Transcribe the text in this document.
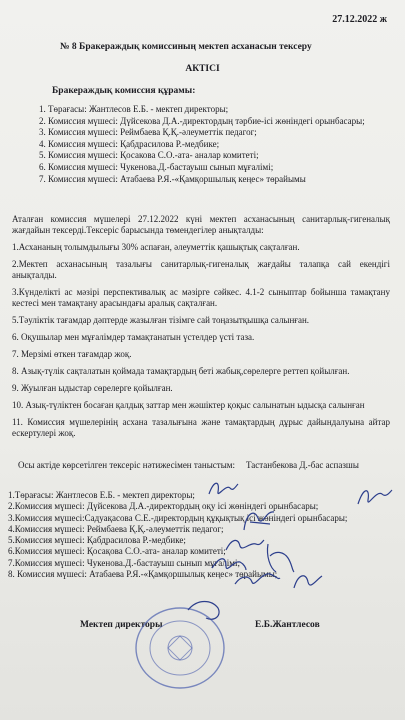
27.12.2022 ж
№ 8 Бракераждық комиссиның мектеп асханасын тексеру
АКТІСІ
Бракераждық комиссия құрамы:
1. Төрағасы: Жантлесов Е.Б. - мектеп директоры;
2. Комиссия мүшесі: Дүйсекова Д.А.-директордың тәрбие-ісі жөніндегі орынбасары;
3. Комиссия мүшесі: Реймбаева Қ.Қ.-әлеуметтік педагог;
4. Комиссия мүшесі: Қабдрасилова Р.-медбике;
5. Комиссия мүшесі: Қосакова С.О.-ата- аналар комитеті;
6. Комиссия мүшесі: Чукенова.Д.-бастауыш сынып мұғалімі;
7. Комиссия мүшесі: Атабаева Р.Я.-«Қамқоршылық кеңес» төрайымы

Аталған комиссия мүшелері 27.12.2022 күні мектеп асханасының санитарлық-гигеналық жағдайын тексерді.Тексеріс барысында төмендегілер анықталды:

1.Асхананың толымдылығы 30% аспаған, әлеуметтік қашықтық сақталған.

2.Мектеп асханасының тазалығы санитарлық-гигеналық жағдайы талапқа сай екендігі анықталды.

3.Күнделікті ас мәзірі перспективалық ас мәзірге сәйкес. 4.1-2 сыныптар бойынша тамақтану кестесі мен тамақтану арасындағы аралық сақталған.

5.Тәуліктік тағамдар дәптерде жазылған тізімге сай тоңазытқышқа салынған.

6. Оқушылар мен мұғалімдер тамақтанатын үстелдер үсті таза.

7. Мерзімі өткен тағамдар жоқ.

8. Азық-түлік сақталатын қоймада тамақтардың беті жабық,сөрелерге реттеп қойылған.

9. Жуылған ыдыстар сөрелерге қойылған.

10. Азық-түліктен босаған қалдық заттар мен жәшіктер қоқыс салынатын ыдысқа салынған

11. Комиссия мүшелерінің асхана тазалығына және тамақтардың дұрыс дайындалуына айтар ескертулері жоқ.

Осы актіде көрсетілген тексеріс нәтижесімен таныстым: Тастанбекова Д.-бас аспазшы
1.Төрағасы: Жантлесов Е.Б. - мектеп директоры;
2.Комиссия мүшесі: Дүйсекова Д.А.-директордың оқу ісі жөніндегі орынбасары;
3.Комиссия мүшесі:Садуақасова С.Е.-директордың құқықтық ісі жөніндегі орынбасары;
4.Комиссия мүшесі: Реймбаева Қ.Қ.-әлеуметтік педагог;
5.Комиссия мүшесі: Қабдрасилова Р.-медбике;
6.Комиссия мүшесі: Қосақова С.О.-ата- аналар комитеті;
7.Комиссия мүшесі: Чукенова.Д.-бастауыш сынып мұғалімі;
8. Комиссия мүшесі: Атабаева Р.Я.-«Қамқоршылық кеңес» төрайымы;
Мектеп директоры	Е.Б.Жантлесов
